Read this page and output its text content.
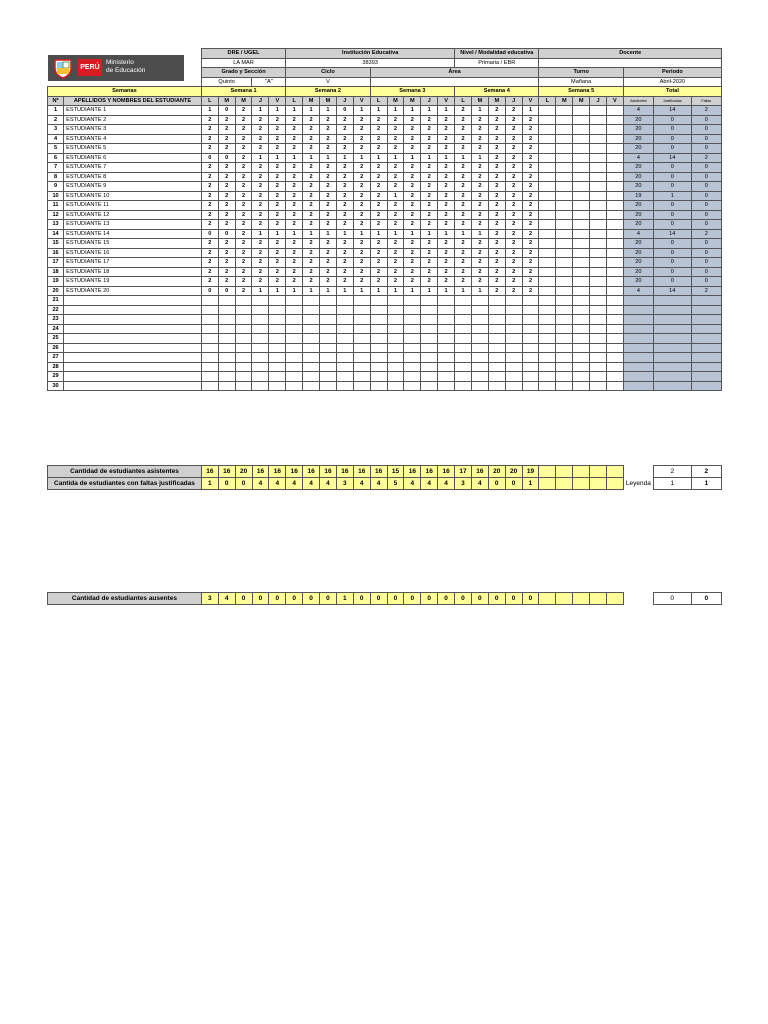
PERÚ
Ministerio
de Educación
		DRE / UGEL					Institución Educativa										Nivel / Modalidad educativa					Docente							
		LA MAR					38393										Primaria / EBR												
		Grado y Sección					Ciclo					Área										Turno					Periodo		
		Quinto			"A"		V															Mañana					Abril-2020		
Semanas		Semana 1					Semana 2					Semana 3					Semana 4					Semana 5					Total		
Nº	APELLIDOS Y NOMBRES DEL ESTUDIANTE	L	M	M	J	V	L	M	M	J	V	L	M	M	J	V	L	M	M	J	V	L	M	M	J	V	Asistentes	Justificadas	Faltas
1	ESTUDIANTE 1	1	0	2	1	1	1	1	1	0	1	1	1	1	1	1	2	1	2	2	1						4	14	2
2	ESTUDIANTE 2	2	2	2	2	2	2	2	2	2	2	2	2	2	2	2	2	2	2	2	2						20	0	0
3	ESTUDIANTE 3	2	2	2	2	2	2	2	2	2	2	2	2	2	2	2	2	2	2	2	2						20	0	0
4	ESTUDIANTE 4	2	2	2	2	2	2	2	2	2	2	2	2	2	2	2	2	2	2	2	2						20	0	0
5	ESTUDIANTE 5	2	2	2	2	2	2	2	2	2	2	2	2	2	2	2	2	2	2	2	2						20	0	0
6	ESTUDIANTE 6	0	0	2	1	1	1	1	1	1	1	1	1	1	1	1	1	1	2	2	2						4	14	2
7	ESTUDIANTE 7	2	2	2	2	2	2	2	2	2	2	2	2	2	2	2	2	2	2	2	2						20	0	0
8	ESTUDIANTE 8	2	2	2	2	2	2	2	2	2	2	2	2	2	2	2	2	2	2	2	2						20	0	0
9	ESTUDIANTE 9	2	2	2	2	2	2	2	2	2	2	2	2	2	2	2	2	2	2	2	2						20	0	0
10	ESTUDIANTE 10	2	2	2	2	2	2	2	2	2	2	2	1	2	2	2	2	2	2	2	2						19	1	0
11	ESTUDIANTE 11	2	2	2	2	2	2	2	2	2	2	2	2	2	2	2	2	2	2	2	2						20	0	0
12	ESTUDIANTE 12	2	2	2	2	2	2	2	2	2	2	2	2	2	2	2	2	2	2	2	2						20	0	0
13	ESTUDIANTE 13	2	2	2	2	2	2	2	2	2	2	2	2	2	2	2	2	2	2	2	2						20	0	0
14	ESTUDIANTE 14	0	0	2	1	1	1	1	1	1	1	1	1	1	1	1	1	1	2	2	2						4	14	2
15	ESTUDIANTE 15	2	2	2	2	2	2	2	2	2	2	2	2	2	2	2	2	2	2	2	2						20	0	0
16	ESTUDIANTE 16	2	2	2	2	2	2	2	2	2	2	2	2	2	2	2	2	2	2	2	2						20	0	0
17	ESTUDIANTE 17	2	2	2	2	2	2	2	2	2	2	2	2	2	2	2	2	2	2	2	2						20	0	0
18	ESTUDIANTE 18	2	2	2	2	2	2	2	2	2	2	2	2	2	2	2	2	2	2	2	2						20	0	0
19	ESTUDIANTE 19	2	2	2	2	2	2	2	2	2	2	2	2	2	2	2	2	2	2	2	2						20	0	0
20	ESTUDIANTE 20	0	0	2	1	1	1	1	1	1	1	1	1	1	1	1	1	1	2	2	2						4	14	2
21																													
22																													
23																													
24																													
25																													
26																													
27																													
28																													
29																													
30																													
Cantidad de estudiantes asistentes	16	16	20	16	16	16	16	16	16	16	16	15	16	16	16	17	16	20	20	19							2	2
Cantida de estudiantes con faltas justificadas	1	0	0	4	4	4	4	4	3	4	4	5	4	4	4	3	4	0	0	1						Leyenda	1	1
Cantidad de estudiantes ausentes	3	4	0	0	0	0	0	0	1	0	0	0	0	0	0	0	0	0	0	0							0	0
